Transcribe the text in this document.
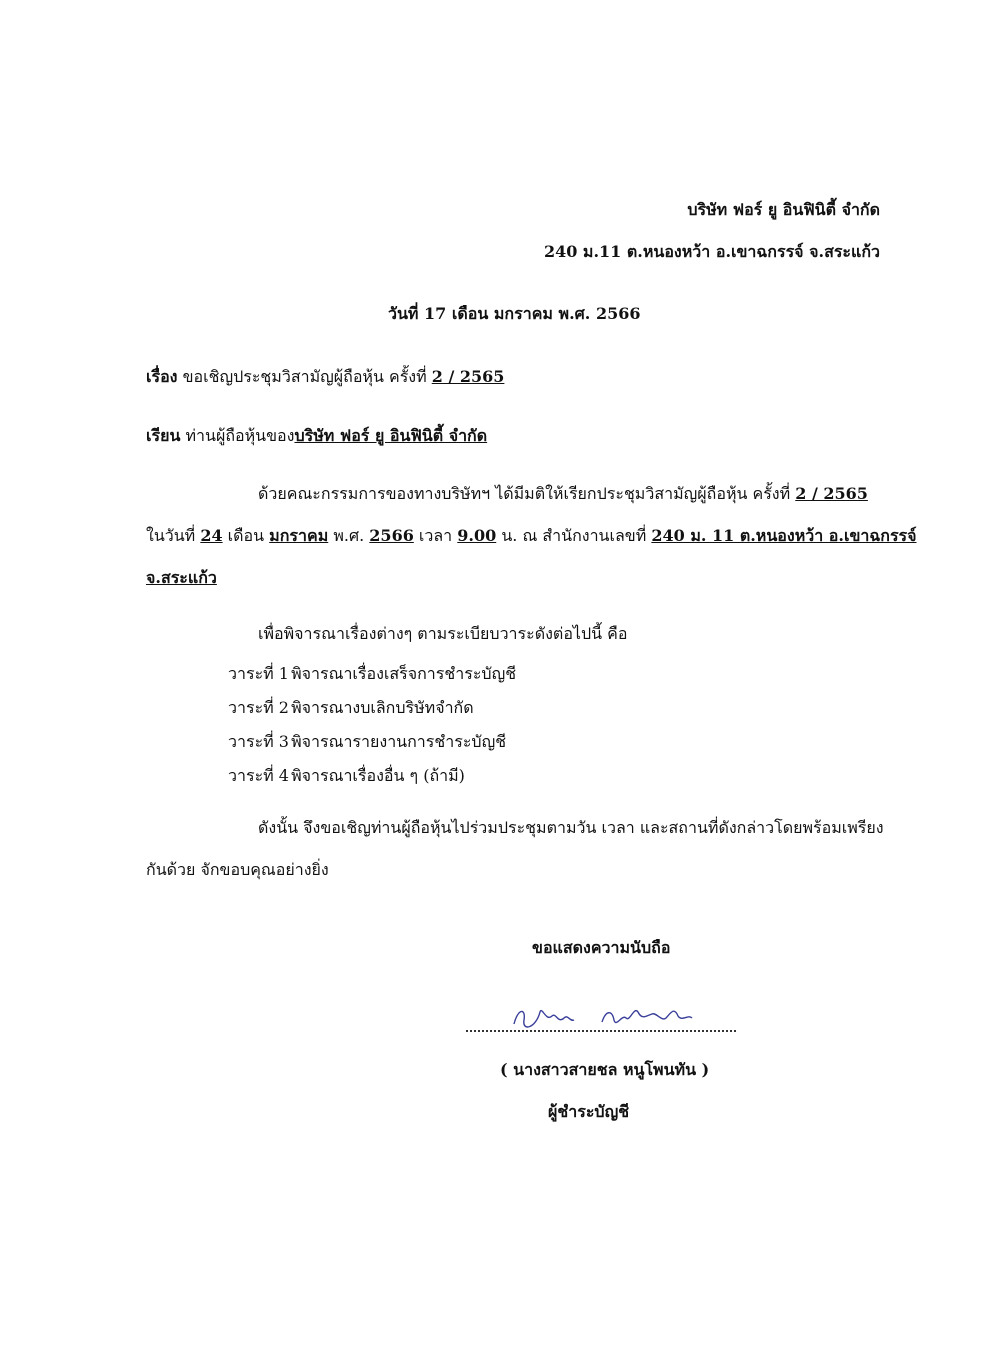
บริษัท ฟอร์ ยู อินฟินิตี้ จำกัด
240 ม.11 ต.หนองหว้า อ.เขาฉกรรจ์ จ.สระแก้ว
วันที่ 17 เดือน มกราคม พ.ศ. 2566
เรื่อง ขอเชิญประชุมวิสามัญผู้ถือหุ้น ครั้งที่ 2 / 2565
เรียน ท่านผู้ถือหุ้นของบริษัท ฟอร์ ยู อินฟินิตี้ จำกัด
ด้วยคณะกรรมการของทางบริษัทฯ ได้มีมติให้เรียกประชุมวิสามัญผู้ถือหุ้น ครั้งที่ 2 / 2565
ในวันที่ 24 เดือน มกราคม พ.ศ. 2566 เวลา 9.00 น. ณ สำนักงานเลขที่ 240 ม. 11 ต.หนองหว้า อ.เขาฉกรรจ์
จ.สระแก้ว
เพื่อพิจารณาเรื่องต่างๆ ตามระเบียบวาระดังต่อไปนี้ คือ
วาระที่ 1 พิจารณาเรื่องเสร็จการชำระบัญชี
วาระที่ 2 พิจารณางบเลิกบริษัทจำกัด
วาระที่ 3 พิจารณารายงานการชำระบัญชี
วาระที่ 4 พิจารณาเรื่องอื่น ๆ (ถ้ามี)
ดังนั้น จึงขอเชิญท่านผู้ถือหุ้นไปร่วมประชุมตามวัน เวลา และสถานที่ดังกล่าวโดยพร้อมเพรียง
กันด้วย จักขอบคุณอย่างยิ่ง
ขอแสดงความนับถือ
( นางสาวสายชล หนูโพนทัน )
ผู้ชำระบัญชี
